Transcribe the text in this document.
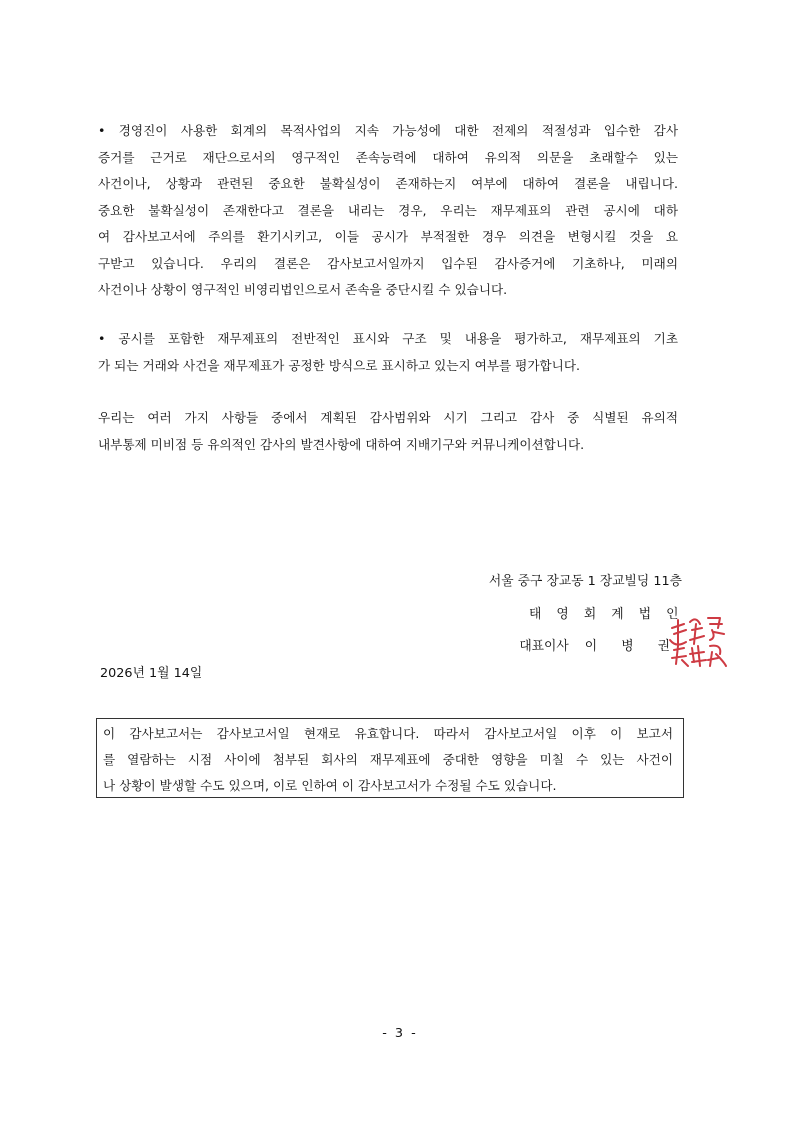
• 경영진이 사용한 회계의 목적사업의 지속 가능성에 대한 전제의 적절성과 입수한 감사
증거를 근거로 재단으로서의 영구적인 존속능력에 대하여 유의적 의문을 초래할수 있는
사건이나, 상황과 관련된 중요한 불확실성이 존재하는지 여부에 대하여 결론을 내립니다.
중요한 불확실성이 존재한다고 결론을 내리는 경우, 우리는 재무제표의 관련 공시에 대하
여 감사보고서에 주의를 환기시키고, 이들 공시가 부적절한 경우 의견을 변형시킬 것을 요
구받고 있습니다. 우리의 결론은 감사보고서일까지 입수된 감사증거에 기초하나, 미래의
사건이나 상황이 영구적인 비영리법인으로서 존속을 중단시킬 수 있습니다.
• 공시를 포함한 재무제표의 전반적인 표시와 구조 및 내용을 평가하고, 재무제표의 기초
가 되는 거래와 사건을 재무제표가 공정한 방식으로 표시하고 있는지 여부를 평가합니다.
우리는 여러 가지 사항들 중에서 계획된 감사범위와 시기 그리고 감사 중 식별된 유의적
내부통제 미비점 등 유의적인 감사의 발견사항에 대하여 지배기구와 커뮤니케이션합니다.
서울 중구 장교동 1 장교빌딩 11층
태 영 회 계 법 인
대표이사 이 병 권
2026년 1월 14일
이 감사보고서는 감사보고서일 현재로 유효합니다. 따라서 감사보고서일 이후 이 보고서
를 열람하는 시점 사이에 첨부된 회사의 재무제표에 중대한 영향을 미칠 수 있는 사건이
나 상황이 발생할 수도 있으며, 이로 인하여 이 감사보고서가 수정될 수도 있습니다.
- 3 -
